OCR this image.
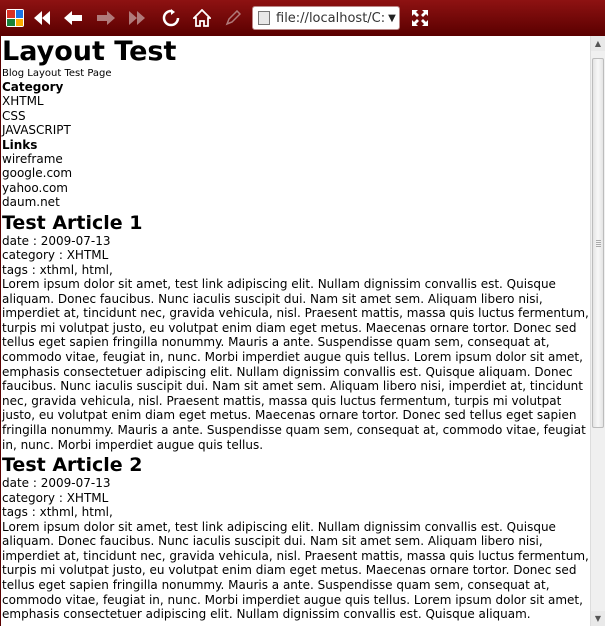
file://localhost/C: ▼
Layout Test
Blog Layout Test Page
Category
XHTML
CSS
JAVASCRIPT
Links
wireframe
google.com
yahoo.com
daum.net
Test Article 1
date : 2009-07-13
category : XHTML
tags : xthml, html,
Lorem ipsum dolor sit amet, test link adipiscing elit. Nullam dignissim convallis est. Quisque aliquam. Donec faucibus. Nunc iaculis suscipit dui. Nam sit amet sem. Aliquam libero nisi, imperdiet at, tincidunt nec, gravida vehicula, nisl. Praesent mattis, massa quis luctus fermentum, turpis mi volutpat justo, eu volutpat enim diam eget metus. Maecenas ornare tortor. Donec sed tellus eget sapien fringilla nonummy. Mauris a ante. Suspendisse quam sem, consequat at, commodo vitae, feugiat in, nunc. Morbi imperdiet augue quis tellus. Lorem ipsum dolor sit amet, emphasis consectetuer adipiscing elit. Nullam dignissim convallis est. Quisque aliquam. Donec faucibus. Nunc iaculis suscipit dui. Nam sit amet sem. Aliquam libero nisi, imperdiet at, tincidunt nec, gravida vehicula, nisl. Praesent mattis, massa quis luctus fermentum, turpis mi volutpat justo, eu volutpat enim diam eget metus. Maecenas ornare tortor. Donec sed tellus eget sapien fringilla nonummy. Mauris a ante. Suspendisse quam sem, consequat at, commodo vitae, feugiat in, nunc. Morbi imperdiet augue quis tellus.
Test Article 2
date : 2009-07-13
category : XHTML
tags : xthml, html,
Lorem ipsum dolor sit amet, test link adipiscing elit. Nullam dignissim convallis est. Quisque aliquam. Donec faucibus. Nunc iaculis suscipit dui. Nam sit amet sem. Aliquam libero nisi, imperdiet at, tincidunt nec, gravida vehicula, nisl. Praesent mattis, massa quis luctus fermentum, turpis mi volutpat justo, eu volutpat enim diam eget metus. Maecenas ornare tortor. Donec sed tellus eget sapien fringilla nonummy. Mauris a ante. Suspendisse quam sem, consequat at, commodo vitae, feugiat in, nunc. Morbi imperdiet augue quis tellus. Lorem ipsum dolor sit amet, emphasis consectetuer adipiscing elit. Nullam dignissim convallis est. Quisque aliquam.
▲
▼
